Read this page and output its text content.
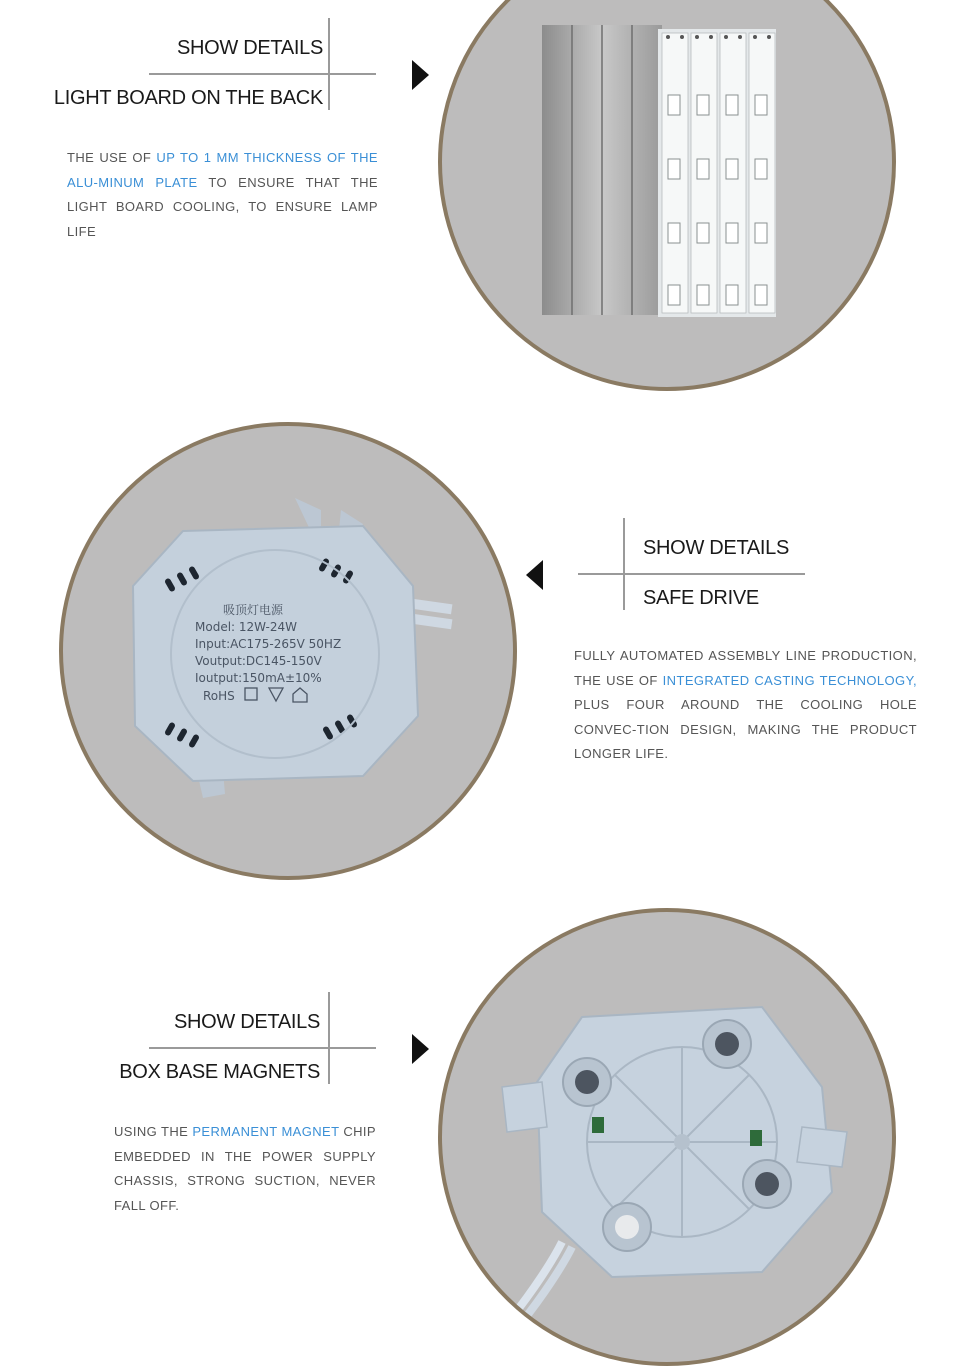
SHOW DETAILS
LIGHT BOARD ON THE BACK
THE USE OF UP TO 1 MM THICKNESS OF THE ALU-MINUM PLATE TO ENSURE THAT THE LIGHT BOARD COOLING, TO ENSURE LAMP LIFE
吸顶灯电源
Model: 12W-24W
Input:AC175-265V 50HZ
Voutput:DC145-150V
Ioutput:150mA±10%
RoHS
SHOW DETAILS
SAFE DRIVE
FULLY AUTOMATED ASSEMBLY LINE PRODUCTION, THE USE OF INTEGRATED CASTING TECHNOLOGY, PLUS FOUR AROUND THE COOLING HOLE CONVEC-TION DESIGN, MAKING THE PRODUCT LONGER LIFE.
SHOW DETAILS
BOX BASE MAGNETS
USING THE PERMANENT MAGNET CHIP EMBEDDED IN THE POWER SUPPLY CHASSIS, STRONG SUCTION, NEVER FALL OFF.
